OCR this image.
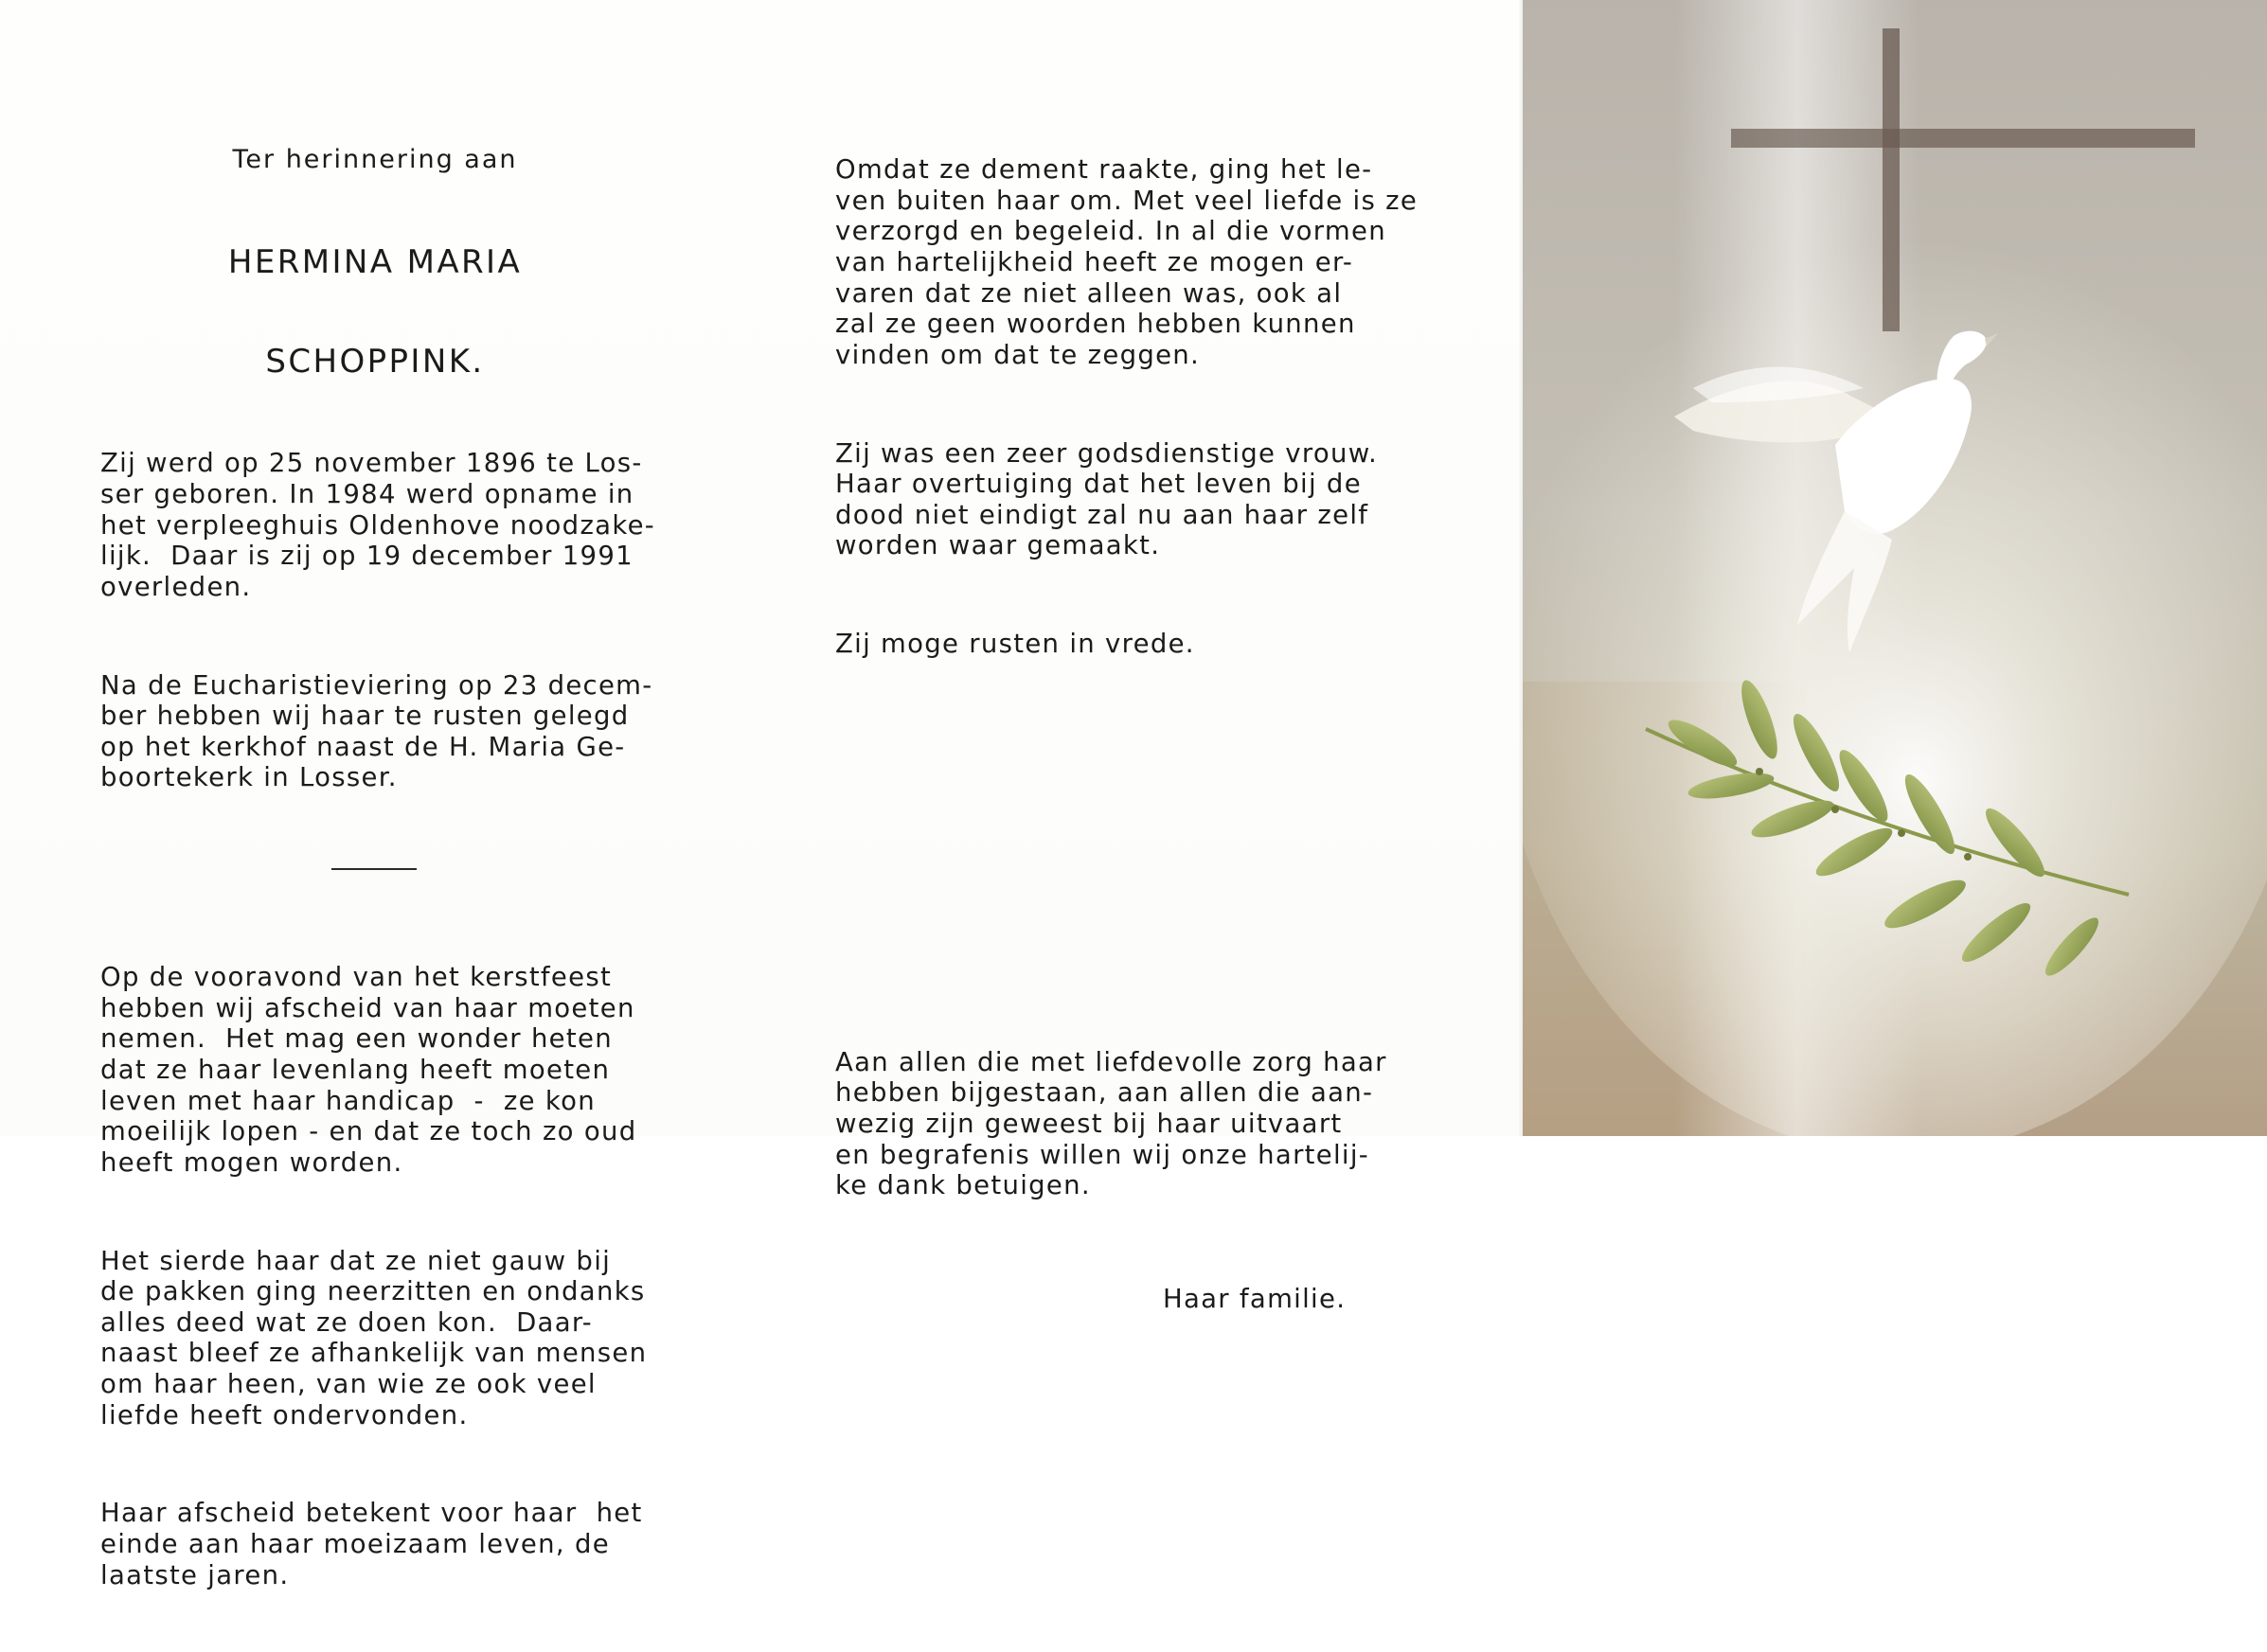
Ter herinnering aan

HERMINA MARIA

SCHOPPINK.

Zij werd op 25 november 1896 te Los-
ser geboren. In 1984 werd opname in
het verpleeghuis Oldenhove noodzake-
lijk.  Daar is zij op 19 december 1991
overleden.

Na de Eucharistieviering op 23 decem-
ber hebben wij haar te rusten gelegd
op het kerkhof naast de H. Maria Ge-
boortekerk in Losser.

Op de vooravond van het kerstfeest
hebben wij afscheid van haar moeten
nemen.  Het mag een wonder heten
dat ze haar levenlang heeft moeten
leven met haar handicap  -  ze kon
moeilijk lopen - en dat ze toch zo oud
heeft mogen worden.

Het sierde haar dat ze niet gauw bij
de pakken ging neerzitten en ondanks
alles deed wat ze doen kon.  Daar-
naast bleef ze afhankelijk van mensen
om haar heen, van wie ze ook veel
liefde heeft ondervonden.

Haar afscheid betekent voor haar  het
einde aan haar moeizaam leven, de
laatste jaren.

Omdat ze dement raakte, ging het le-
ven buiten haar om. Met veel liefde is ze
verzorgd en begeleid. In al die vormen
van hartelijkheid heeft ze mogen er-
varen dat ze niet alleen was, ook al
zal ze geen woorden hebben kunnen
vinden om dat te zeggen.

Zij was een zeer godsdienstige vrouw.
Haar overtuiging dat het leven bij de
dood niet eindigt zal nu aan haar zelf
worden waar gemaakt.

Zij moge rusten in vrede.

Aan allen die met liefdevolle zorg haar
hebben bijgestaan, aan allen die aan-
wezig zijn geweest bij haar uitvaart
en begrafenis willen wij onze hartelij-
ke dank betuigen.

Haar familie.
